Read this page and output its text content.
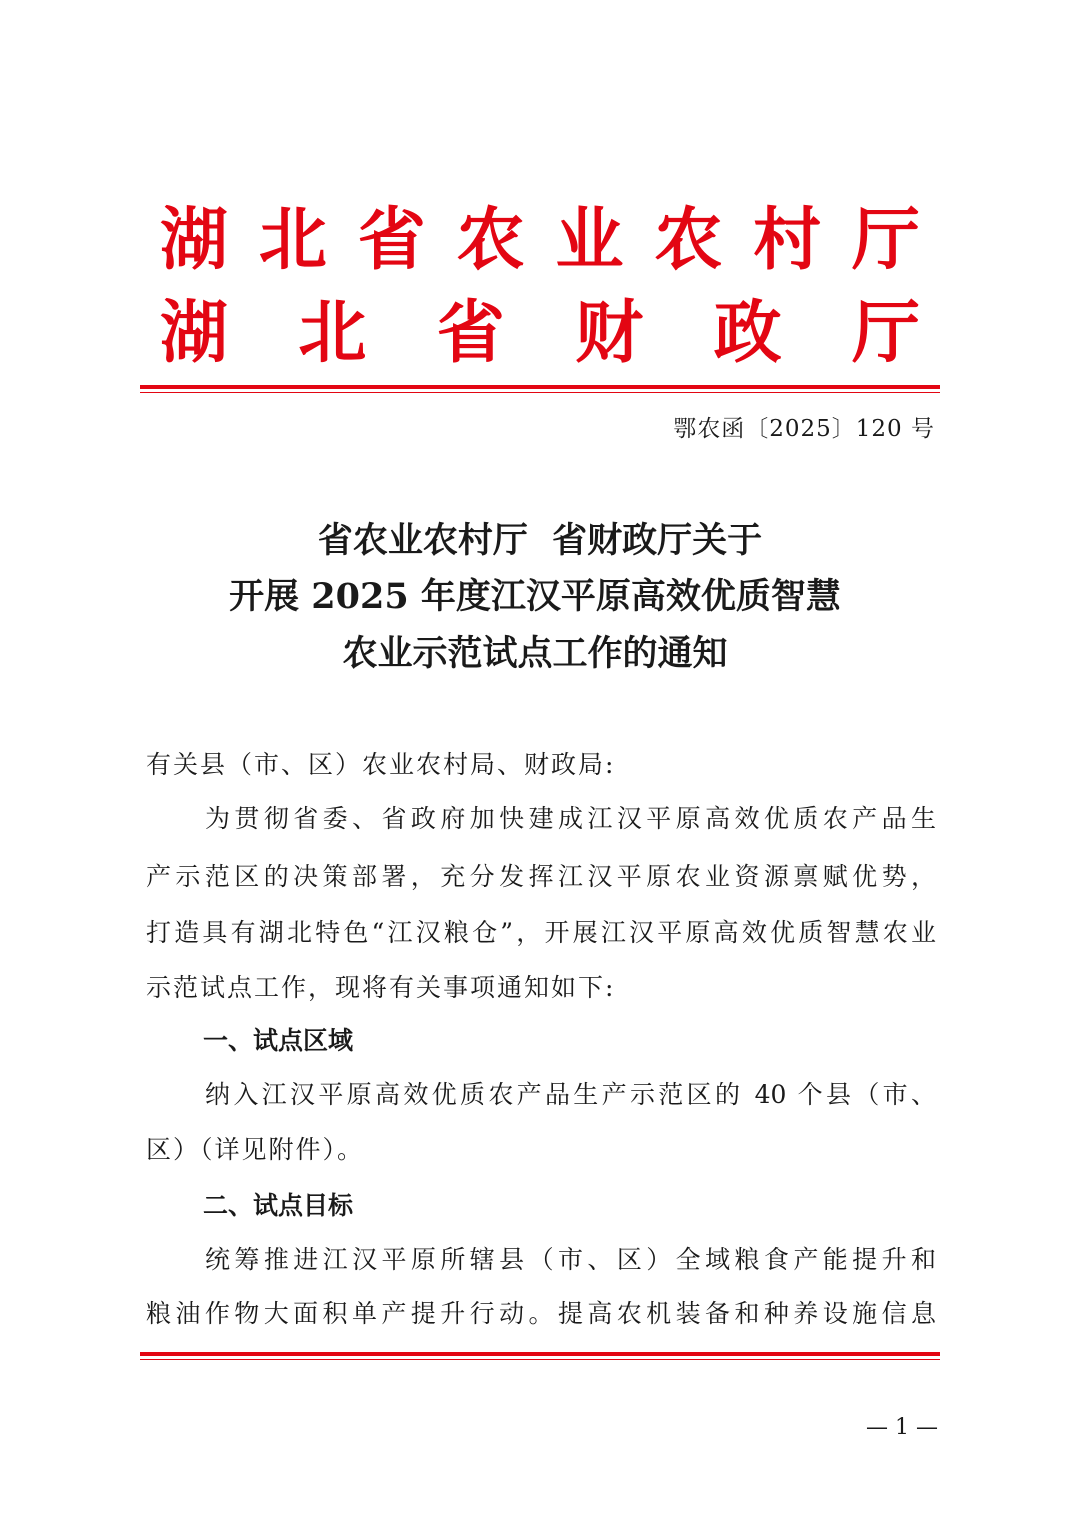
湖 北 省 农 业 农 村 厅
湖 北 省 财 政 厅
鄂农函〔2025〕120 号
省农业农村厅  省财政厅关于
开展 2025 年度江汉平原高效优质智慧
农业示范试点工作的通知
有关县（市、区）农业农村局、财政局:
为贯彻省委、省政府加快建成江汉平原高效优质农产品生
产示范区的决策部署，充分发挥江汉平原农业资源禀赋优势，
打造具有湖北特色“江汉粮仓”，开展江汉平原高效优质智慧农业
示范试点工作，现将有关事项通知如下:
一、试点区域
纳入江汉平原高效优质农产品生产示范区的 40 个县（市、
区）（详见附件）。
二、试点目标
统筹推进江汉平原所辖县（市、区）全域粮食产能提升和
粮油作物大面积单产提升行动。提高农机装备和种养设施信息
— 1 —
